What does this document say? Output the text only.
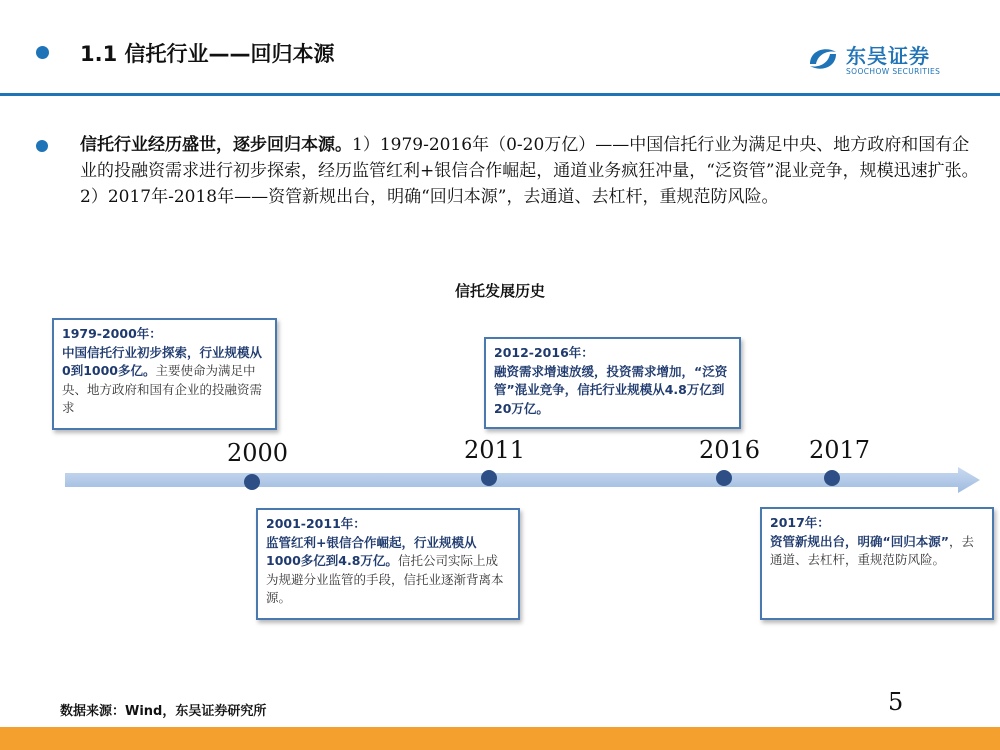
1.1 信托行业——回归本源	东吴证券
SOOCHOW SECURITIES

信托行业经历盛世，逐步回归本源。1）1979-2016年（0-20万亿）——中国信托行业为满足中央、地方政府和国有企业的投融资需求进行初步探索，经历监管红利+银信合作崛起，通道业务疯狂冲量，“泛资管”混业竞争，规模迅速扩张。2）2017年-2018年——资管新规出台，明确“回归本源”，去通道、去杠杆，重规范防风险。

信托发展历史
2000	2011	2016 2017
1979-2000年：
中国信托行业初步探索，行业规模从0到1000多亿。主要使命为满足中央、地方政府和国有企业的投融资需求
2001-2011年：
监管红利+银信合作崛起，行业规模从1000多亿到4.8万亿。信托公司实际上成为规避分业监管的手段，信托业逐渐背离本源。
2012-2016年：
融资需求增速放缓，投资需求增加，“泛资管”混业竞争，信托行业规模从4.8万亿到20万亿。
2017年：
资管新规出台，明确“回归本源”，去通道、去杠杆，重规范防风险。
数据来源：Wind，东吴证券研究所	5
